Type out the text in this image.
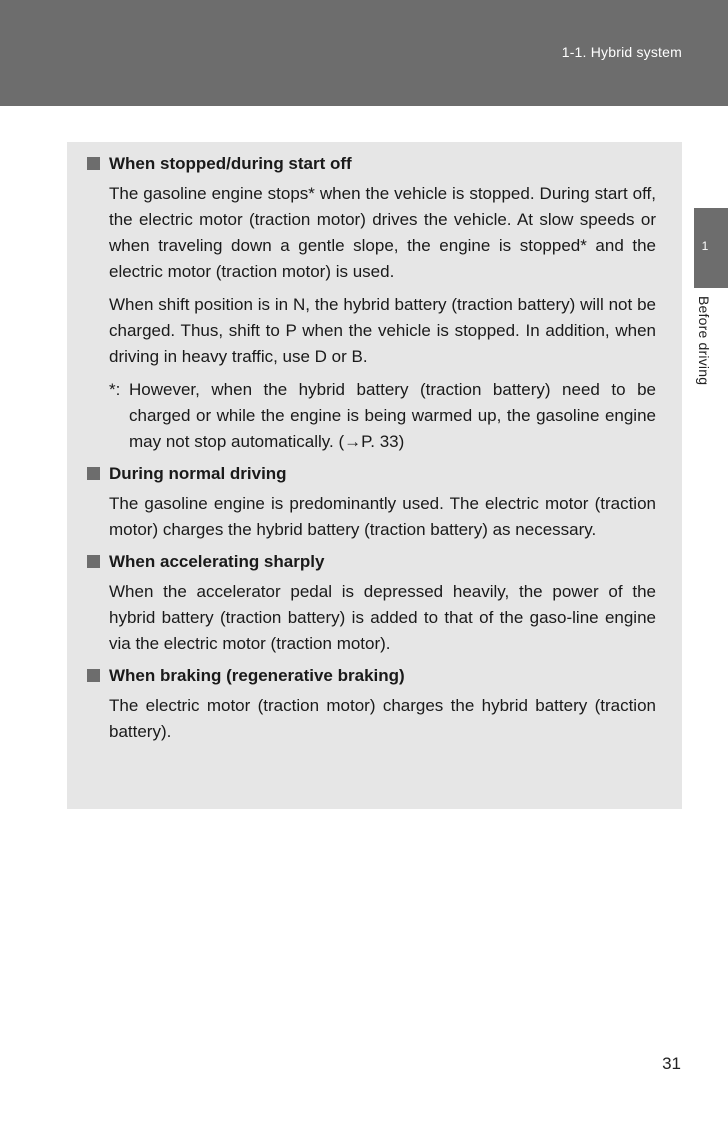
1-1. Hybrid system
1
Before driving
When stopped/during start off
The gasoline engine stops* when the vehicle is stopped. During start off, the electric motor (traction motor) drives the vehicle. At slow speeds or when traveling down a gentle slope, the engine is stopped* and the electric motor (traction motor) is used.
When shift position is in N, the hybrid battery (traction battery) will not be charged. Thus, shift to P when the vehicle is stopped. In addition, when driving in heavy traffic, use D or B.
*: However, when the hybrid battery (traction battery) need to be charged or while the engine is being warmed up, the gasoline engine may not stop automatically. (→P. 33)
During normal driving
The gasoline engine is predominantly used. The electric motor (traction motor) charges the hybrid battery (traction battery) as necessary.
When accelerating sharply
When the accelerator pedal is depressed heavily, the power of the hybrid battery (traction battery) is added to that of the gaso-line engine via the electric motor (traction motor).
When braking (regenerative braking)
The electric motor (traction motor) charges the hybrid battery (traction battery).
31
